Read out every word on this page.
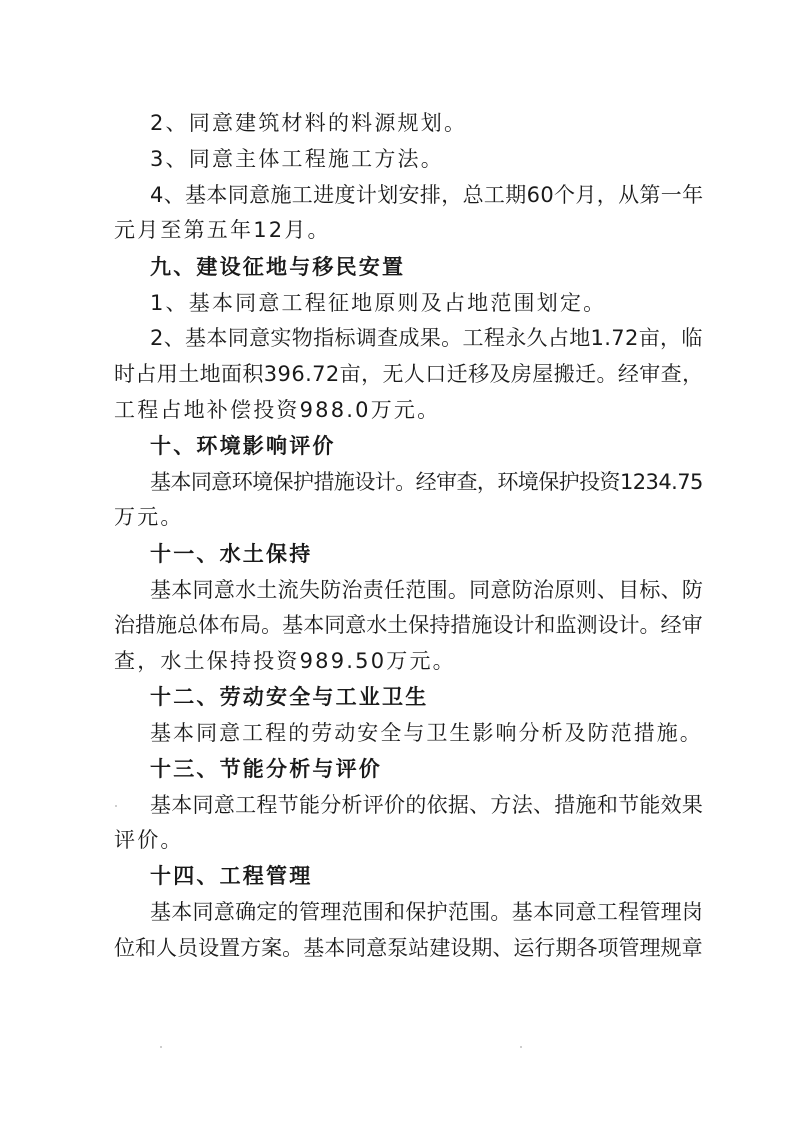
2、同意建筑材料的料源规划。
3、同意主体工程施工方法。
4、基本同意施工进度计划安排，总工期60个月，从第一年
元月至第五年12月。
九、建设征地与移民安置
1、基本同意工程征地原则及占地范围划定。
2、基本同意实物指标调查成果。工程永久占地1.72亩，临
时占用土地面积396.72亩，无人口迁移及房屋搬迁。经审查，
工程占地补偿投资988.0万元。
十、环境影响评价
基本同意环境保护措施设计。经审查，环境保护投资1234.75
万元。
十一、水土保持
基本同意水土流失防治责任范围。同意防治原则、目标、防
治措施总体布局。基本同意水土保持措施设计和监测设计。经审
查，水土保持投资989.50万元。
十二、劳动安全与工业卫生
基本同意工程的劳动安全与卫生影响分析及防范措施。
十三、节能分析与评价
基本同意工程节能分析评价的依据、方法、措施和节能效果
评价。
十四、工程管理
基本同意确定的管理范围和保护范围。基本同意工程管理岗
位和人员设置方案。基本同意泵站建设期、运行期各项管理规章
